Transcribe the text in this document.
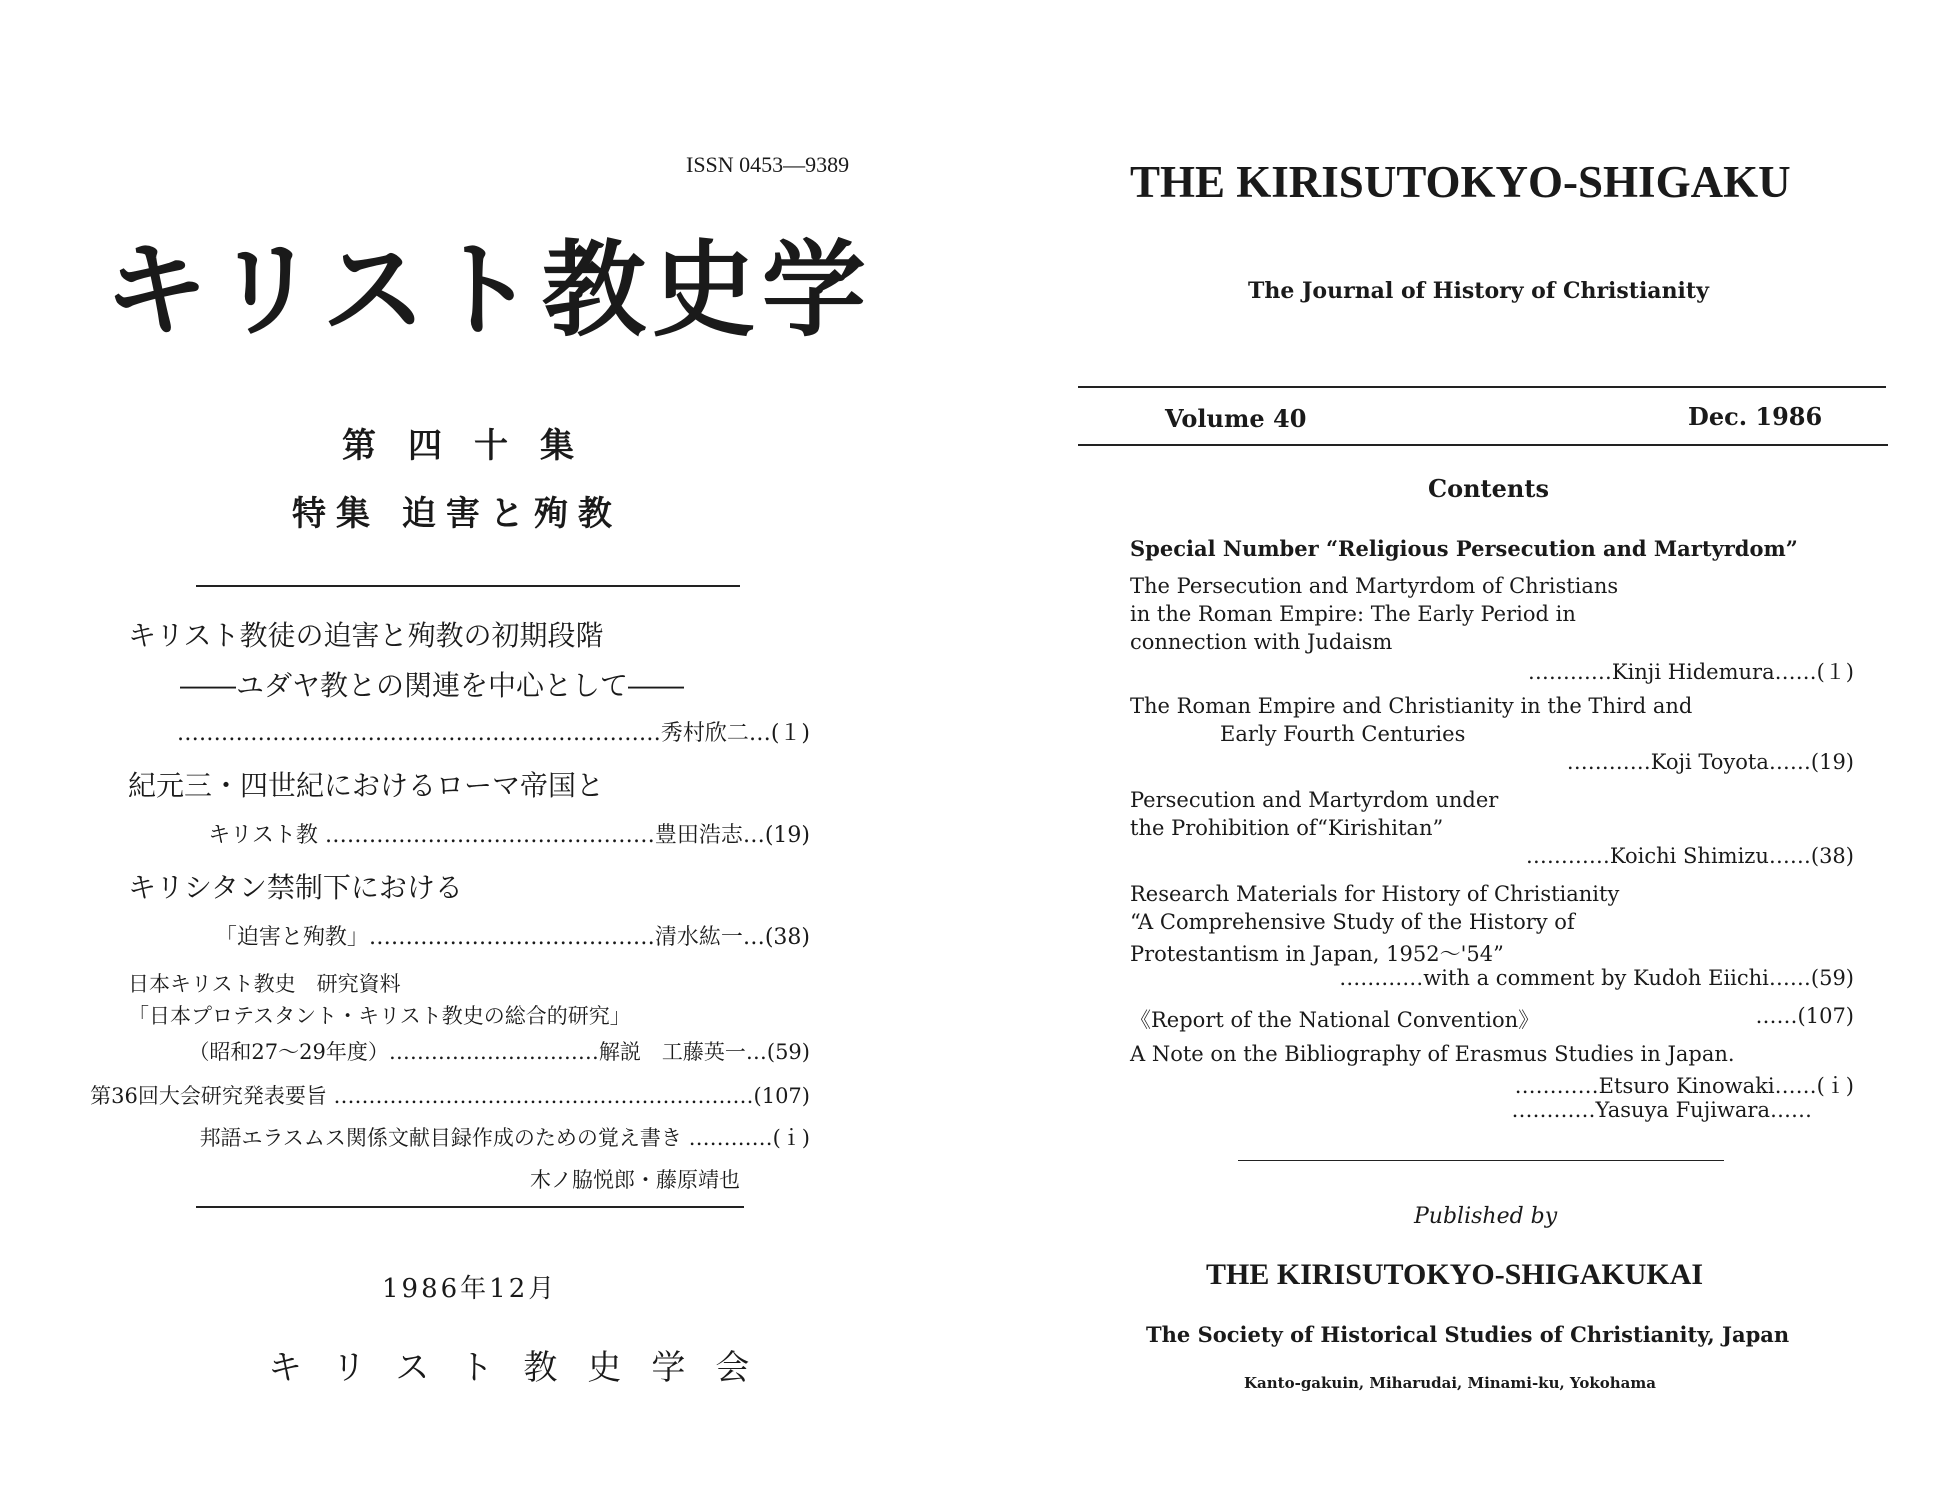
ISSN 0453―9389
キリスト教史学
第四十集
特集 迫害と殉教
キリスト教徒の迫害と殉教の初期段階
――ユダヤ教との関連を中心として――
…………………………………………………………秀村欣二…(１)
紀元三・四世紀におけるローマ帝国と
キリスト教 ………………………………………豊田浩志…(19)
キリシタン禁制下における
「迫害と殉教」…………………………………清水紘一…(38)
日本キリスト教史　研究資料
「日本プロテスタント・キリスト教史の総合的研究」
（昭和27～29年度）…………………………解説　工藤英一…(59)
第36回大会研究発表要旨 ……………………………………………………(107)
邦語エラスムス関係文献目録作成のための覚え書き …………(ｉ)
木ノ脇悦郎・藤原靖也
1986年12月
キリスト教史学会
THE KIRISUTOKYO-SHIGAKU
The Journal of History of Christianity
Volume 40	Dec. 1986
Contents
Special Number “Religious Persecution and Martyrdom”
The Persecution and Martyrdom of Christians
in the Roman Empire: The Early Period in
connection with Judaism
…………Kinji Hidemura……(１)
The Roman Empire and Christianity in the Third and
Early Fourth Centuries
…………Koji Toyota……(19)
Persecution and Martyrdom under
the Prohibition of“Kirishitan”
…………Koichi Shimizu……(38)
Research Materials for History of Christianity
“A Comprehensive Study of the History of
Protestantism in Japan, 1952～'54”
…………with a comment by Kudoh Eiichi……(59)
《Report of the National Convention》	……(107)
A Note on the Bibliography of Erasmus Studies in Japan.
…………Etsuro Kinowaki……(ｉ)
…………Yasuya Fujiwara……
Published by
THE KIRISUTOKYO-SHIGAKUKAI
The Society of Historical Studies of Christianity, Japan
Kanto-gakuin, Miharudai, Minami-ku, Yokohama
